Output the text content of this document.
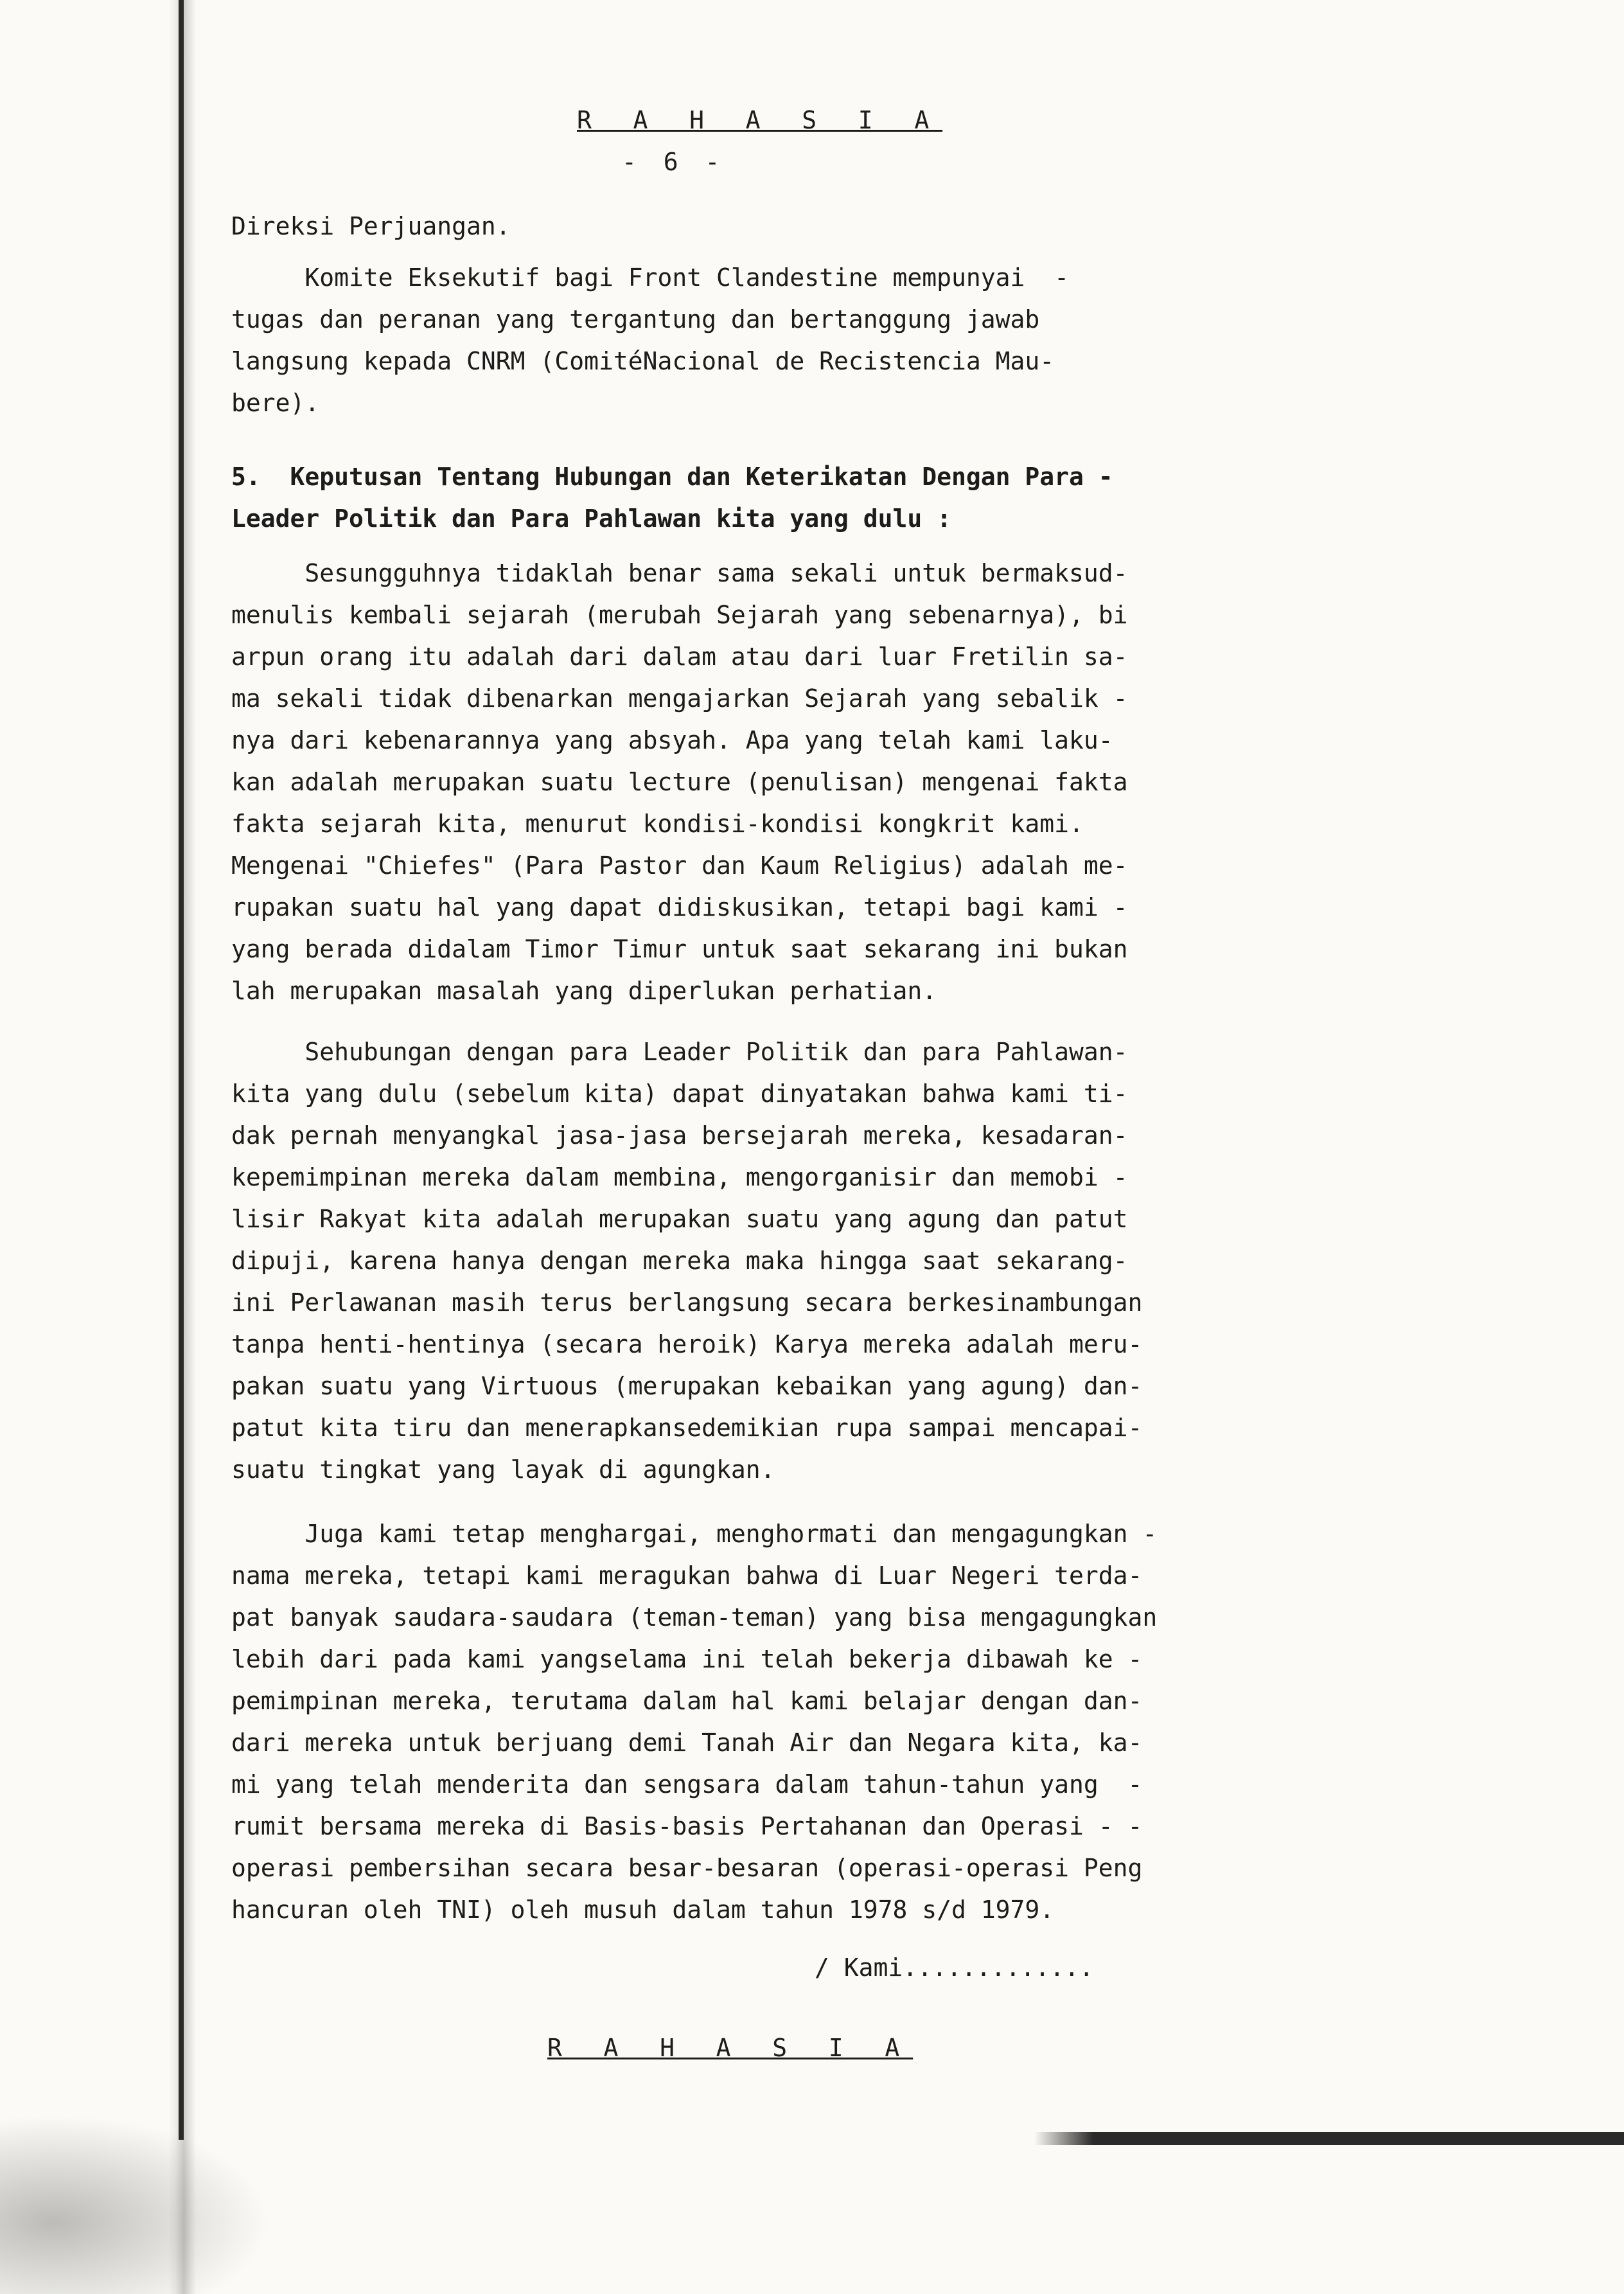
R A H A S I A
- 6 -
Direksi Perjuangan.
Komite Eksekutif bagi Front Clandestine mempunyai  -
tugas dan peranan yang tergantung dan bertanggung jawab
langsung kepada CNRM (ComitéNacional de Recistencia Mau-
bere).
5.  Keputusan Tentang Hubungan dan Keterikatan Dengan Para -
Leader Politik dan Para Pahlawan kita yang dulu :
Sesungguhnya tidaklah benar sama sekali untuk bermaksud-
menulis kembali sejarah (merubah Sejarah yang sebenarnya), bi
arpun orang itu adalah dari dalam atau dari luar Fretilin sa-
ma sekali tidak dibenarkan mengajarkan Sejarah yang sebalik -
nya dari kebenarannya yang absyah. Apa yang telah kami laku-
kan adalah merupakan suatu lecture (penulisan) mengenai fakta
fakta sejarah kita, menurut kondisi-kondisi kongkrit kami.
Mengenai "Chiefes" (Para Pastor dan Kaum Religius) adalah me-
rupakan suatu hal yang dapat didiskusikan, tetapi bagi kami -
yang berada didalam Timor Timur untuk saat sekarang ini bukan
lah merupakan masalah yang diperlukan perhatian.
Sehubungan dengan para Leader Politik dan para Pahlawan-
kita yang dulu (sebelum kita) dapat dinyatakan bahwa kami ti-
dak pernah menyangkal jasa-jasa bersejarah mereka, kesadaran-
kepemimpinan mereka dalam membina, mengorganisir dan memobi -
lisir Rakyat kita adalah merupakan suatu yang agung dan patut
dipuji, karena hanya dengan mereka maka hingga saat sekarang-
ini Perlawanan masih terus berlangsung secara berkesinambungan
tanpa henti-hentinya (secara heroik) Karya mereka adalah meru-
pakan suatu yang Virtuous (merupakan kebaikan yang agung) dan-
patut kita tiru dan menerapkansedemikian rupa sampai mencapai-
suatu tingkat yang layak di agungkan.
Juga kami tetap menghargai, menghormati dan mengagungkan -
nama mereka, tetapi kami meragukan bahwa di Luar Negeri terda-
pat banyak saudara-saudara (teman-teman) yang bisa mengagungkan
lebih dari pada kami yangselama ini telah bekerja dibawah ke -
pemimpinan mereka, terutama dalam hal kami belajar dengan dan-
dari mereka untuk berjuang demi Tanah Air dan Negara kita, ka-
mi yang telah menderita dan sengsara dalam tahun-tahun yang  -
rumit bersama mereka di Basis-basis Pertahanan dan Operasi - -
operasi pembersihan secara besar-besaran (operasi-operasi Peng
hancuran oleh TNI) oleh musuh dalam tahun 1978 s/d 1979.
/ Kami.............
R A H A S I A
